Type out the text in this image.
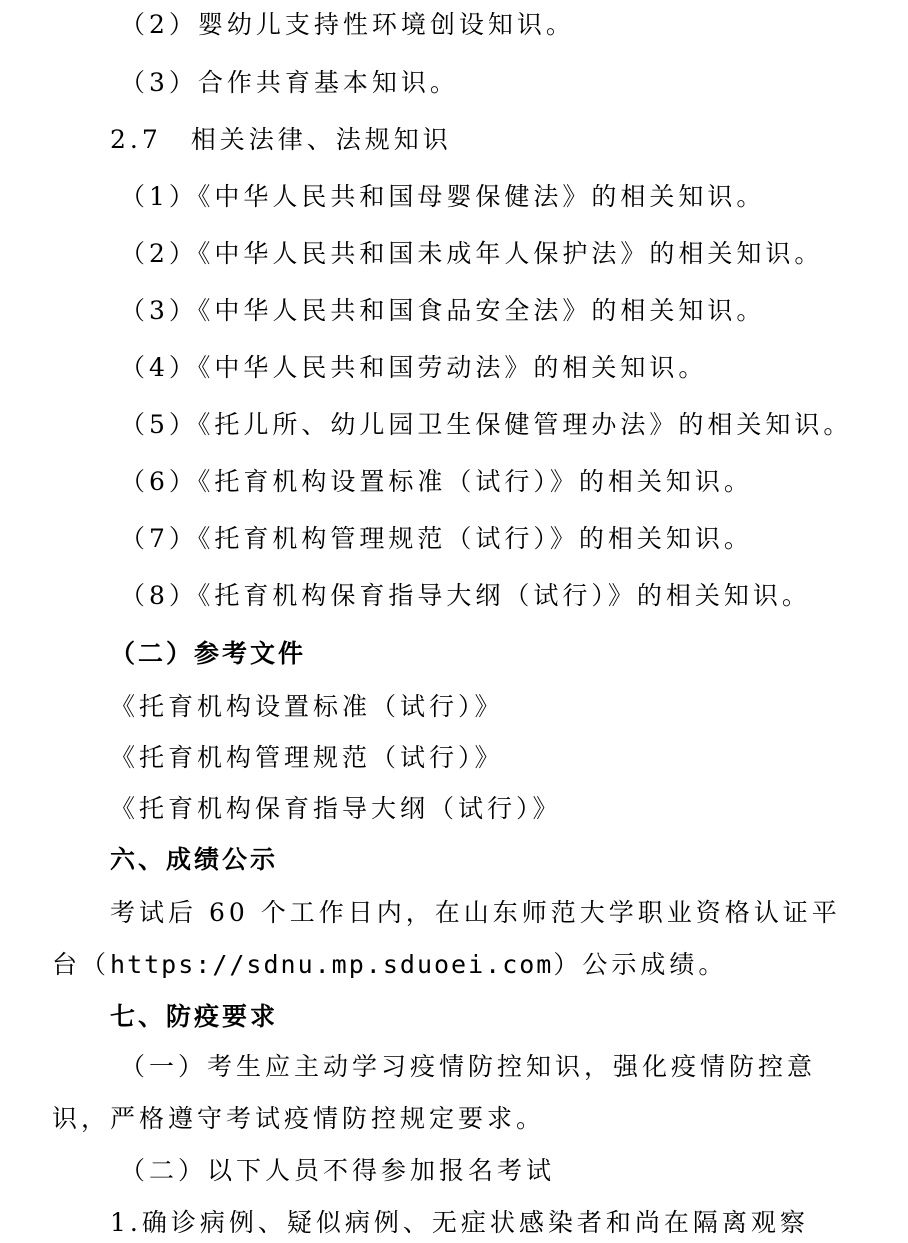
（2）婴幼儿支持性环境创设知识。
（3）合作共育基本知识。
2.7　相关法律、法规知识
（1）《中华人民共和国母婴保健法》的相关知识。
（2）《中华人民共和国未成年人保护法》的相关知识。
（3）《中华人民共和国食品安全法》的相关知识。
（4）《中华人民共和国劳动法》的相关知识。
（5）《托儿所、幼儿园卫生保健管理办法》的相关知识。
（6）《托育机构设置标准（试行）》的相关知识。
（7）《托育机构管理规范（试行）》的相关知识。
（8）《托育机构保育指导大纲（试行）》的相关知识。
（二）参考文件
《托育机构设置标准（试行）》
《托育机构管理规范（试行）》
《托育机构保育指导大纲（试行）》
六、成绩公示
考试后 60 个工作日内，在山东师范大学职业资格认证平
台（https://sdnu.mp.sduoei.com）公示成绩。
七、防疫要求
（一）考生应主动学习疫情防控知识，强化疫情防控意
识，严格遵守考试疫情防控规定要求。
（二）以下人员不得参加报名考试
1.确诊病例、疑似病例、无症状感染者和尚在隔离观察
